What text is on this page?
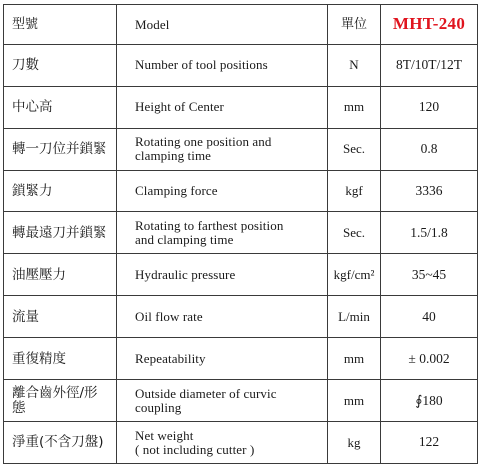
型號	Model	單位	MHT-240
刀數	Number of tool positions	N	8T/10T/12T
中心高	Height of Center	mm	120
轉一刀位并鎖緊	Rotating one position and
clamping time	Sec.	0.8
鎖緊力	Clamping force	kgf	3336
轉最遠刀并鎖緊	Rotating to farthest position
and clamping time	Sec.	1.5/1.8
油壓壓力	Hydraulic pressure	kgf/cm²	35~45
流量	Oil flow rate	L/min	40
重復精度	Repeatability	mm	± 0.002
離合齒外徑/形態	Outside diameter of curvic
coupling	mm	∮180
淨重(不含刀盤)	Net weight
( not including cutter )	kg	122
